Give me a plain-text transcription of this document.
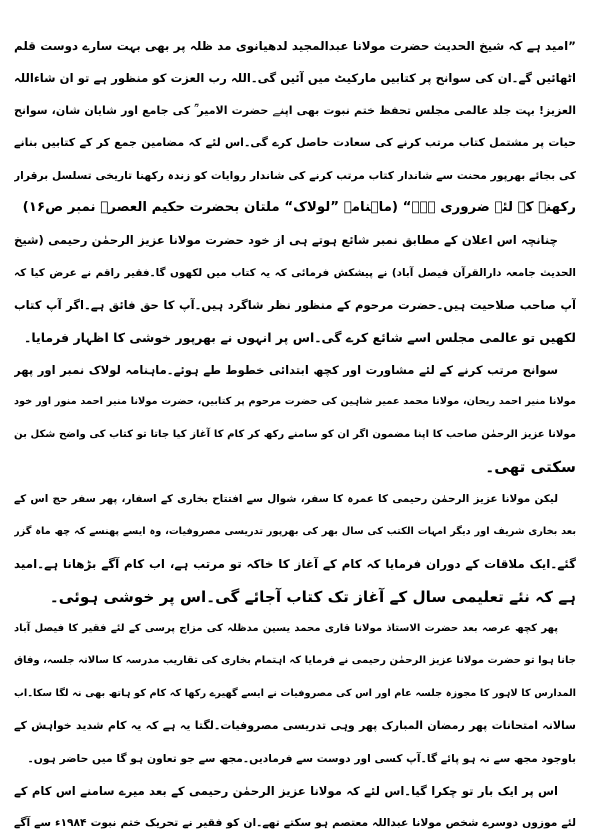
”امید ہے کہ شیخ الحدیث حضرت مولانا عبدالمجید لدھیانوی مد ظلہ پر بھی بہت سارے دوست قلم
اٹھائیں گے۔ان کی سوانح پر کتابیں مارکیٹ میں آئیں گی۔اللہ رب العزت کو منظور ہے تو ان شاءاللہ
العزیز! بہت جلد عالمی مجلس تحفظ ختم نبوت بھی اپنے حضرت الامیر ؒ کی جامع اور شایان شان، سوانح
حیات پر مشتمل کتاب مرتب کرنے کی سعادت حاصل کرے گی۔اس لئے کہ مضامین جمع کر کے کتابیں بنانے
کی بجائے بھرپور محنت سے شاندار کتاب مرتب کرنے کی شاندار روایات کو زندہ رکھنا تاریخی تسلسل برقرار
رکھنے کے لئے ضروری ہے۔“ (ماہنامہ ”لولاک“ ملتان بحضرت حکیم العصرؒ نمبر ص۱۶)
چنانچہ اس اعلان کے مطابق نمبر شائع ہوتے ہی از خود حضرت مولانا عزیز الرحمٰن رحیمی (شیخ
الحدیث جامعہ دارالقرآن فیصل آباد) نے پیشکش فرمائی کہ یہ کتاب میں لکھوں گا۔فقیر راقم نے عرض کیا کہ
آپ صاحب صلاحیت ہیں۔حضرت مرحوم کے منظور نظر شاگرد ہیں۔آپ کا حق فائق ہے۔اگر آپ کتاب
لکھیں تو عالمی مجلس اسے شائع کرے گی۔اس پر انہوں نے بھرپور خوشی کا اظہار فرمایا۔
سوانح مرتب کرنے کے لئے مشاورت اور کچھ ابتدائی خطوط طے ہوئے۔ماہنامہ لولاک نمبر اور پھر
مولانا منیر احمد ریحان، مولانا محمد عمیر شاہین کی حضرت مرحوم پر کتابیں، حضرت مولانا منیر احمد منور اور خود
مولانا عزیز الرحمٰن صاحب کا اپنا مضمون اگر ان کو سامنے رکھ کر کام کا آغاز کیا جاتا تو کتاب کی واضح شکل بن
سکتی تھی۔
لیکن مولانا عزیز الرحمٰن رحیمی کا عمرہ کا سفر، شوال سے افتتاح بخاری کے اسفار، پھر سفر حج اس کے
بعد بخاری شریف اور دیگر امہات الکتب کی سال بھر کی بھرپور تدریسی مصروفیات، وہ ایسے پھنسے کہ چھ ماہ گزر
گئے۔ایک ملاقات کے دوران فرمایا کہ کام کے آغاز کا خاکہ تو مرتب ہے، اب کام آگے بڑھانا ہے۔امید
ہے کہ نئے تعلیمی سال کے آغاز تک کتاب آجائے گی۔اس پر خوشی ہوئی۔
پھر کچھ عرصہ بعد حضرت الاستاذ مولانا قاری محمد یسین مدظلہ کی مزاج پرسی کے لئے فقیر کا فیصل آباد
جانا ہوا تو حضرت مولانا عزیز الرحمٰن رحیمی نے فرمایا کہ اہتمام بخاری کی تقاریب مدرسہ کا سالانہ جلسہ، وفاق
المدارس کا لاہور کا مجوزہ جلسہ عام اور اس کی مصروفیات نے ایسے گھیرے رکھا کہ کام کو ہاتھ بھی نہ لگا سکا۔اب
سالانہ امتحانات پھر رمضان المبارک پھر وہی تدریسی مصروفیات۔لگتا یہ ہے کہ یہ کام شدید خواہش کے
باوجود مجھ سے نہ ہو پائے گا۔آپ کسی اور دوست سے فرمادیں۔مجھ سے جو تعاون ہو گا میں حاضر ہوں۔
اس پر ایک بار تو چکرا گیا۔اس لئے کہ مولانا عزیز الرحمٰن رحیمی کے بعد میرے سامنے اس کام کے
لئے موزوں دوسرے شخص مولانا عبداللہ معتصم ہو سکتے تھے۔ان کو فقیر نے تحریک ختم نبوت ۱۹۸۴ء سے آگے
